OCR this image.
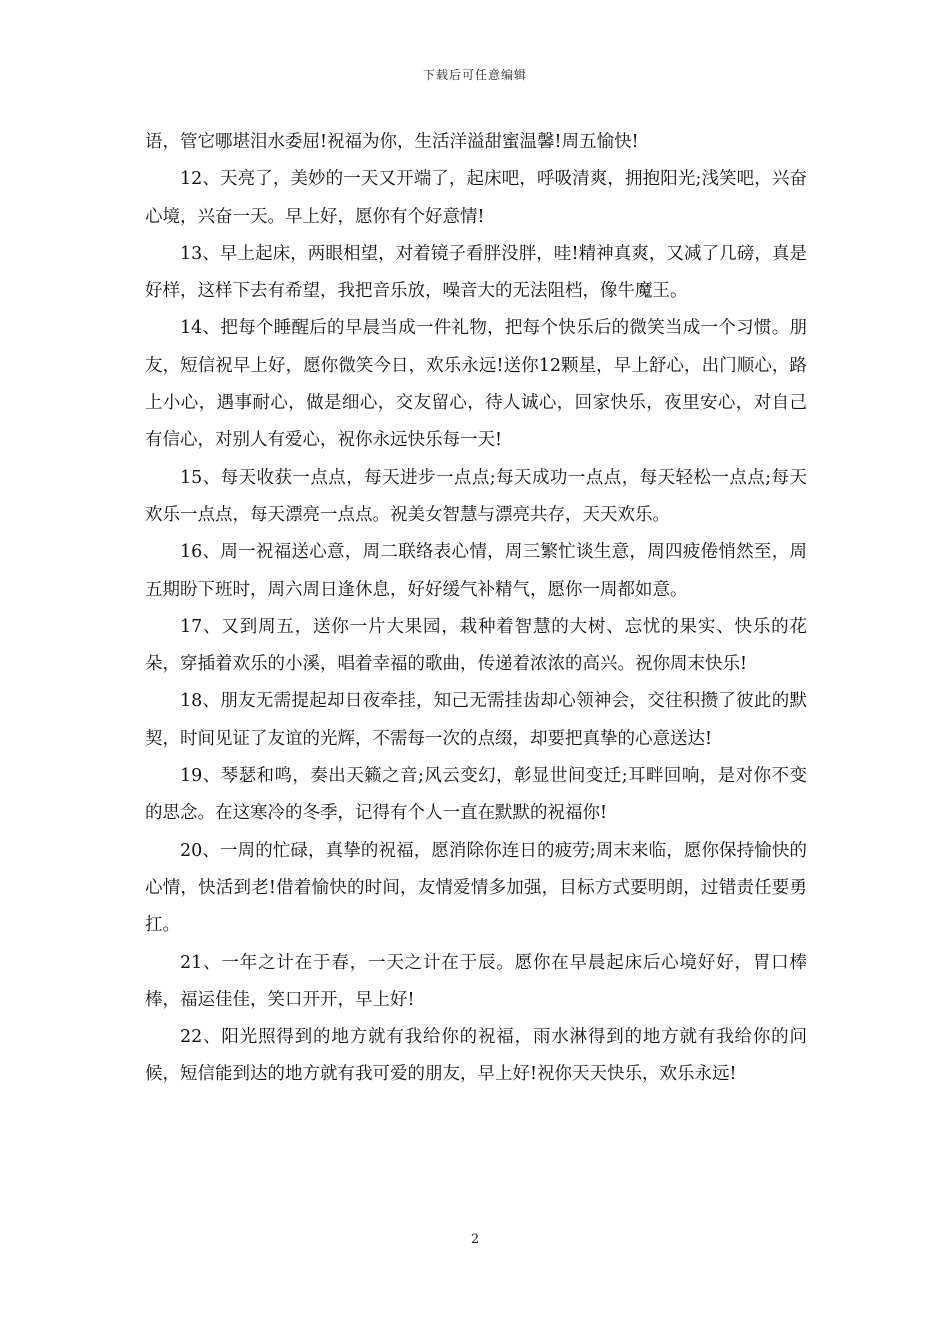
下载后可任意编辑

语，管它哪堪泪水委屈!祝福为你，生活洋溢甜蜜温馨!周五愉快!

12、天亮了，美妙的一天又开端了，起床吧，呼吸清爽，拥抱阳光;浅笑吧，兴奋心境，兴奋一天。早上好，愿你有个好意情!

13、早上起床，两眼相望，对着镜子看胖没胖，哇!精神真爽，又减了几磅，真是好样，这样下去有希望，我把音乐放，噪音大的无法阻档，像牛魔王。

14、把每个睡醒后的早晨当成一件礼物，把每个快乐后的微笑当成一个习惯。朋友，短信祝早上好，愿你微笑今日，欢乐永远!送你12颗星，早上舒心，出门顺心，路上小心，遇事耐心，做是细心，交友留心，待人诚心，回家快乐，夜里安心，对自己有信心，对别人有爱心，祝你永远快乐每一天!

15、每天收获一点点，每天进步一点点;每天成功一点点，每天轻松一点点;每天欢乐一点点，每天漂亮一点点。祝美女智慧与漂亮共存，天天欢乐。

16、周一祝福送心意，周二联络表心情，周三繁忙谈生意，周四疲倦悄然至，周五期盼下班时，周六周日逢休息，好好缓气补精气，愿你一周都如意。

17、又到周五，送你一片大果园，栽种着智慧的大树、忘忧的果实、快乐的花朵，穿插着欢乐的小溪，唱着幸福的歌曲，传递着浓浓的高兴。祝你周末快乐!

18、朋友无需提起却日夜牵挂，知己无需挂齿却心领神会，交往积攒了彼此的默契，时间见证了友谊的光辉，不需每一次的点缀，却要把真挚的心意送达!

19、琴瑟和鸣，奏出天籁之音;风云变幻，彰显世间变迁;耳畔回响，是对你不变的思念。在这寒冷的冬季，记得有个人一直在默默的祝福你!

20、一周的忙碌，真挚的祝福，愿消除你连日的疲劳;周末来临，愿你保持愉快的心情，快活到老!借着愉快的时间，友情爱情多加强，目标方式要明朗，过错责任要勇扛。

21、一年之计在于春，一天之计在于辰。愿你在早晨起床后心境好好，胃口棒棒，福运佳佳，笑口开开，早上好!

22、阳光照得到的地方就有我给你的祝福，雨水淋得到的地方就有我给你的问候，短信能到达的地方就有我可爱的朋友，早上好!祝你天天快乐，欢乐永远!

2
